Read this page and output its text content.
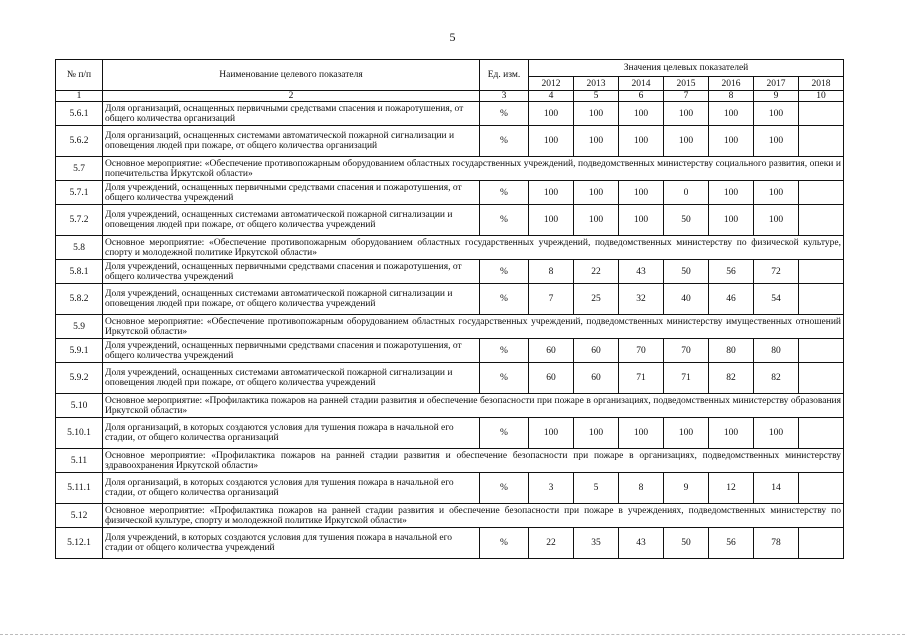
5
№ п/п	Наименование целевого показателя	Ед. изм.	Значения целевых показателей						
			2012	2013	2014	2015	2016	2017	2018
1	2	3	4	5	6	7	8	9	10
5.6.1	Доля организаций, оснащенных первичными средствами спасения и пожаротушения, от общего количества организаций	%	100	100	100	100	100	100	
5.6.2	Доля организаций, оснащенных системами автоматической пожарной сигнализации и оповещения людей при пожаре, от общего количества организаций	%	100	100	100	100	100	100	
5.7	Основное мероприятие: «Обеспечение противопожарным оборудованием областных государственных учреждений, подведомственных министерству социального развития, опеки и попечительства Иркутской области»								
5.7.1	Доля учреждений, оснащенных первичными средствами спасения и пожаротушения, от общего количества учреждений	%	100	100	100	0	100	100	
5.7.2	Доля учреждений, оснащенных системами автоматической пожарной сигнализации и оповещения людей при пожаре, от общего количества учреждений	%	100	100	100	50	100	100	
5.8	Основное мероприятие: «Обеспечение противопожарным оборудованием областных государственных учреждений, подведомственных министерству по физической культуре, спорту и молодежной политике Иркутской области»								
5.8.1	Доля учреждений, оснащенных первичными средствами спасения и пожаротушения, от общего количества учреждений	%	8	22	43	50	56	72	
5.8.2	Доля учреждений, оснащенных системами автоматической пожарной сигнализации и оповещения людей при пожаре, от общего количества учреждений	%	7	25	32	40	46	54	
5.9	Основное мероприятие: «Обеспечение противопожарным оборудованием областных государственных учреждений, подведомственных министерству имущественных отношений Иркутской области»								
5.9.1	Доля учреждений, оснащенных первичными средствами спасения и пожаротушения, от общего количества учреждений	%	60	60	70	70	80	80	
5.9.2	Доля учреждений, оснащенных системами автоматической пожарной сигнализации и оповещения людей при пожаре, от общего количества учреждений	%	60	60	71	71	82	82	
5.10	Основное мероприятие: «Профилактика пожаров на ранней стадии развития и обеспечение безопасности при пожаре в организациях, подведомственных министерству образования Иркутской области»								
5.10.1	Доля организаций, в которых создаются условия для тушения пожара в начальной его стадии, от общего количества организаций	%	100	100	100	100	100	100	
5.11	Основное мероприятие: «Профилактика пожаров на ранней стадии развития и обеспечение безопасности при пожаре в организациях, подведомственных министерству здравоохранения Иркутской области»								
5.11.1	Доля организаций, в которых создаются условия для тушения пожара в начальной его стадии, от общего количества организаций	%	3	5	8	9	12	14	
5.12	Основное мероприятие: «Профилактика пожаров на ранней стадии развития и обеспечение безопасности при пожаре в учреждениях, подведомственных министерству по физической культуре, спорту и молодежной политике Иркутской области»								
5.12.1	Доля учреждений, в которых создаются условия для тушения пожара в начальной его стадии от общего количества учреждений	%	22	35	43	50	56	78	
